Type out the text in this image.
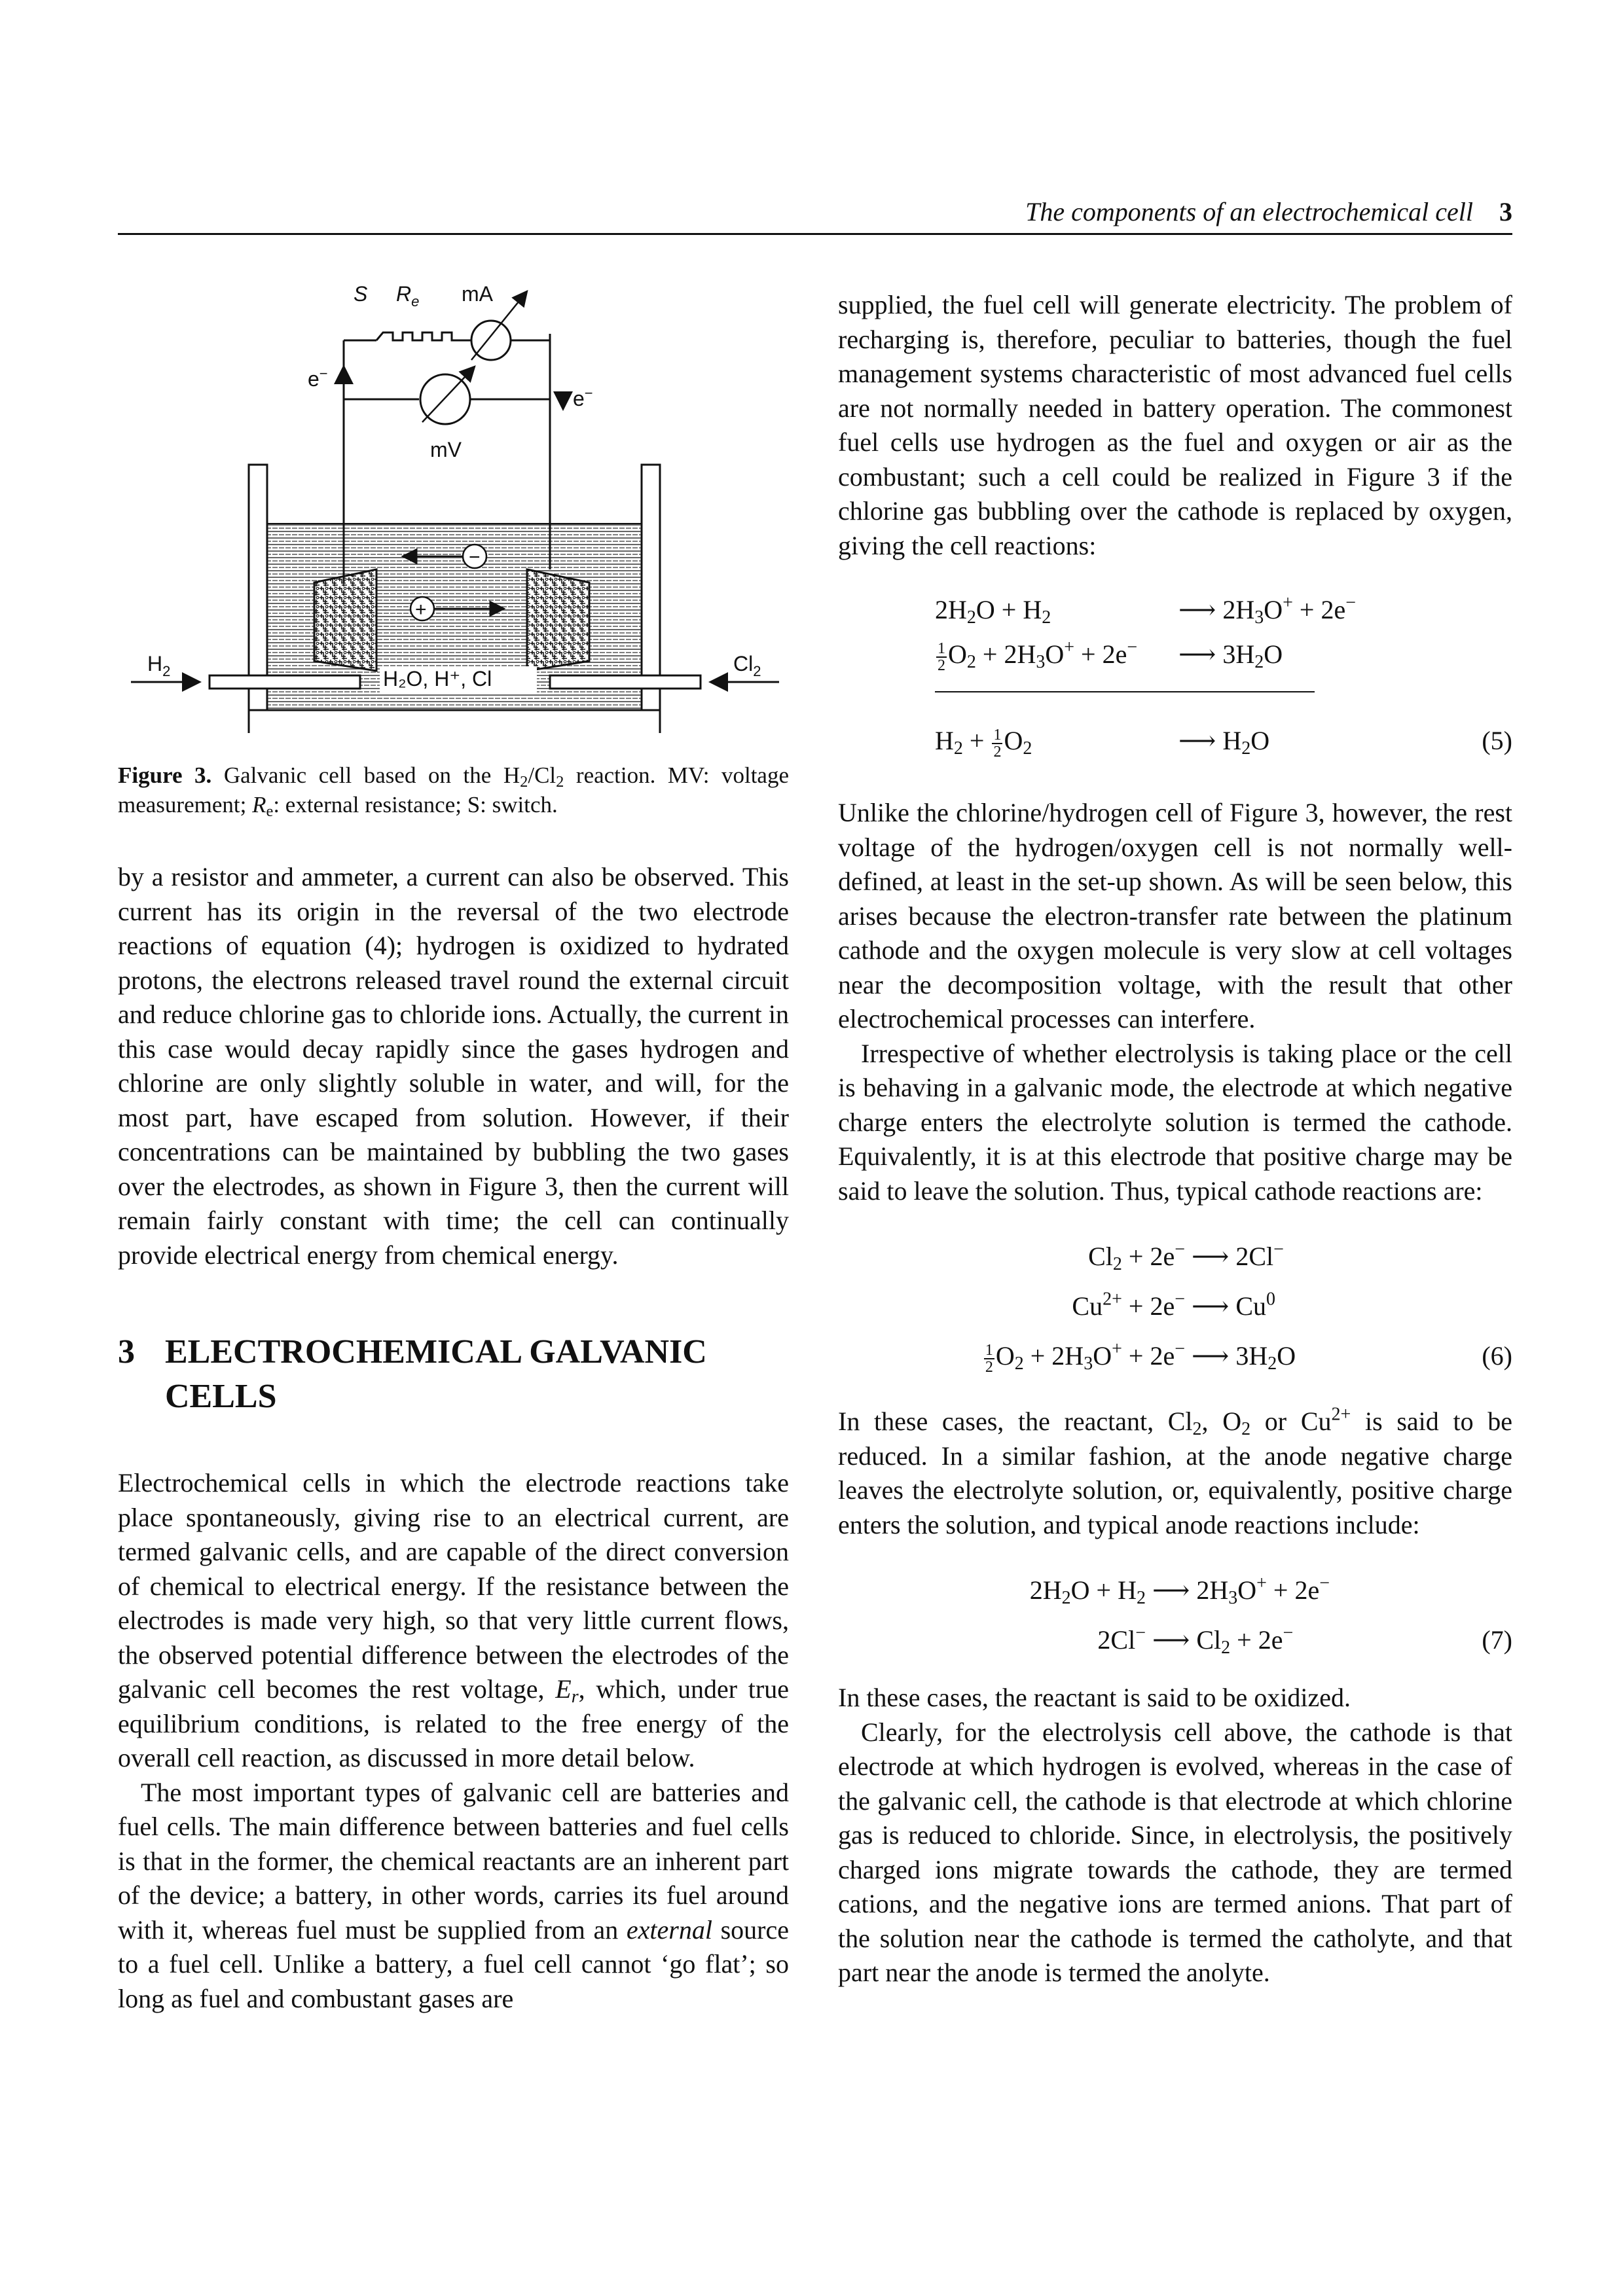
The components of an electrochemical cell 3
S $R_e$ mA
mV
e−
e−
$H_2$	$Cl_2$
H₂O, H⁺, Cl
−
+

Figure 3. Galvanic cell based on the $H_2/Cl_2$ reaction. MV: voltage measurement; $R_e$: external resistance; S: switch.

by a resistor and ammeter, a current can also be observed. This current has its origin in the reversal of the two electrode reactions of equation (4); hydrogen is oxidized to hydrated protons, the electrons released travel round the external circuit and reduce chlorine gas to chloride ions. Actually, the current in this case would decay rapidly since the gases hydrogen and chlorine are only slightly soluble in water, and will, for the most part, have escaped from solution. However, if their concentrations can be maintained by bubbling the two gases over the electrodes, as shown in Figure 3, then the current will remain fairly constant with time; the cell can continually provide electrical energy from chemical energy.

3 ELECTROCHEMICAL GALVANIC CELLS

Electrochemical cells in which the electrode reactions take place spontaneously, giving rise to an electrical current, are termed galvanic cells, and are capable of the direct conversion of chemical to electrical energy. If the resistance between the electrodes is made very high, so that very little current flows, the observed potential difference between the electrodes of the galvanic cell becomes the rest voltage, $E_r$, which, under true equilibrium conditions, is related to the free energy of the overall cell reaction, as discussed in more detail below.

The most important types of galvanic cell are batteries and fuel cells. The main difference between batteries and fuel cells is that in the former, the chemical reactants are an inherent part of the device; a battery, in other words, carries its fuel around with it, whereas fuel must be supplied from an external source to a fuel cell. Unlike a battery, a fuel cell cannot ‘go flat’; so long as fuel and combustant gases are

supplied, the fuel cell will generate electricity. The problem of recharging is, therefore, peculiar to batteries, though the fuel management systems characteristic of most advanced fuel cells are not normally needed in battery operation. The commonest fuel cells use hydrogen as the fuel and oxygen or air as the combustant; such a cell could be realized in Figure 3 if the chlorine gas bubbling over the cathode is replaced by oxygen, giving the cell reactions:

$2H_2O + H_2$	⟶ $2H_3O^+ + 2e^-$
$\frac{1}{2} O_2 + 2H_3O^+ + 2e^-$ ⟶ $3H_2O$
$H_2 + \frac{1}{2} O_2$	⟶ $H_2O$	(5)

Unlike the chlorine/hydrogen cell of Figure 3, however, the rest voltage of the hydrogen/oxygen cell is not normally well-defined, at least in the set-up shown. As will be seen below, this arises because the electron-transfer rate between the platinum cathode and the oxygen molecule is very slow at cell voltages near the decomposition voltage, with the result that other electrochemical processes can interfere.

Irrespective of whether electrolysis is taking place or the cell is behaving in a galvanic mode, the electrode at which negative charge enters the electrolyte solution is termed the cathode. Equivalently, it is at this electrode that positive charge may be said to leave the solution. Thus, typical cathode reactions are:

$Cl_2 + 2e^-$ ⟶ 2Cl−
$Cu^{2+} + 2e^-$ ⟶ Cu$^0$
$\frac{1}{2} O_2 + 2H_3O^+ + 2e^-$ ⟶ $3H_2O$	(6)

In these cases, the reactant, $Cl_2$, $O_2$ or $Cu^{2+}$ is said to be reduced. In a similar fashion, at the anode negative charge leaves the electrolyte solution, or, equivalently, positive charge enters the solution, and typical anode reactions include:

$2H_2O + H_2$ ⟶ $2H_3O^+ + 2e^-$
2Cl− ⟶ $Cl_2 + 2e^-$	(7)

In these cases, the reactant is said to be oxidized.

Clearly, for the electrolysis cell above, the cathode is that electrode at which hydrogen is evolved, whereas in the case of the galvanic cell, the cathode is that electrode at which chlorine gas is reduced to chloride. Since, in electrolysis, the positively charged ions migrate towards the cathode, they are termed cations, and the negative ions are termed anions. That part of the solution near the cathode is termed the catholyte, and that part near the anode is termed the anolyte.
